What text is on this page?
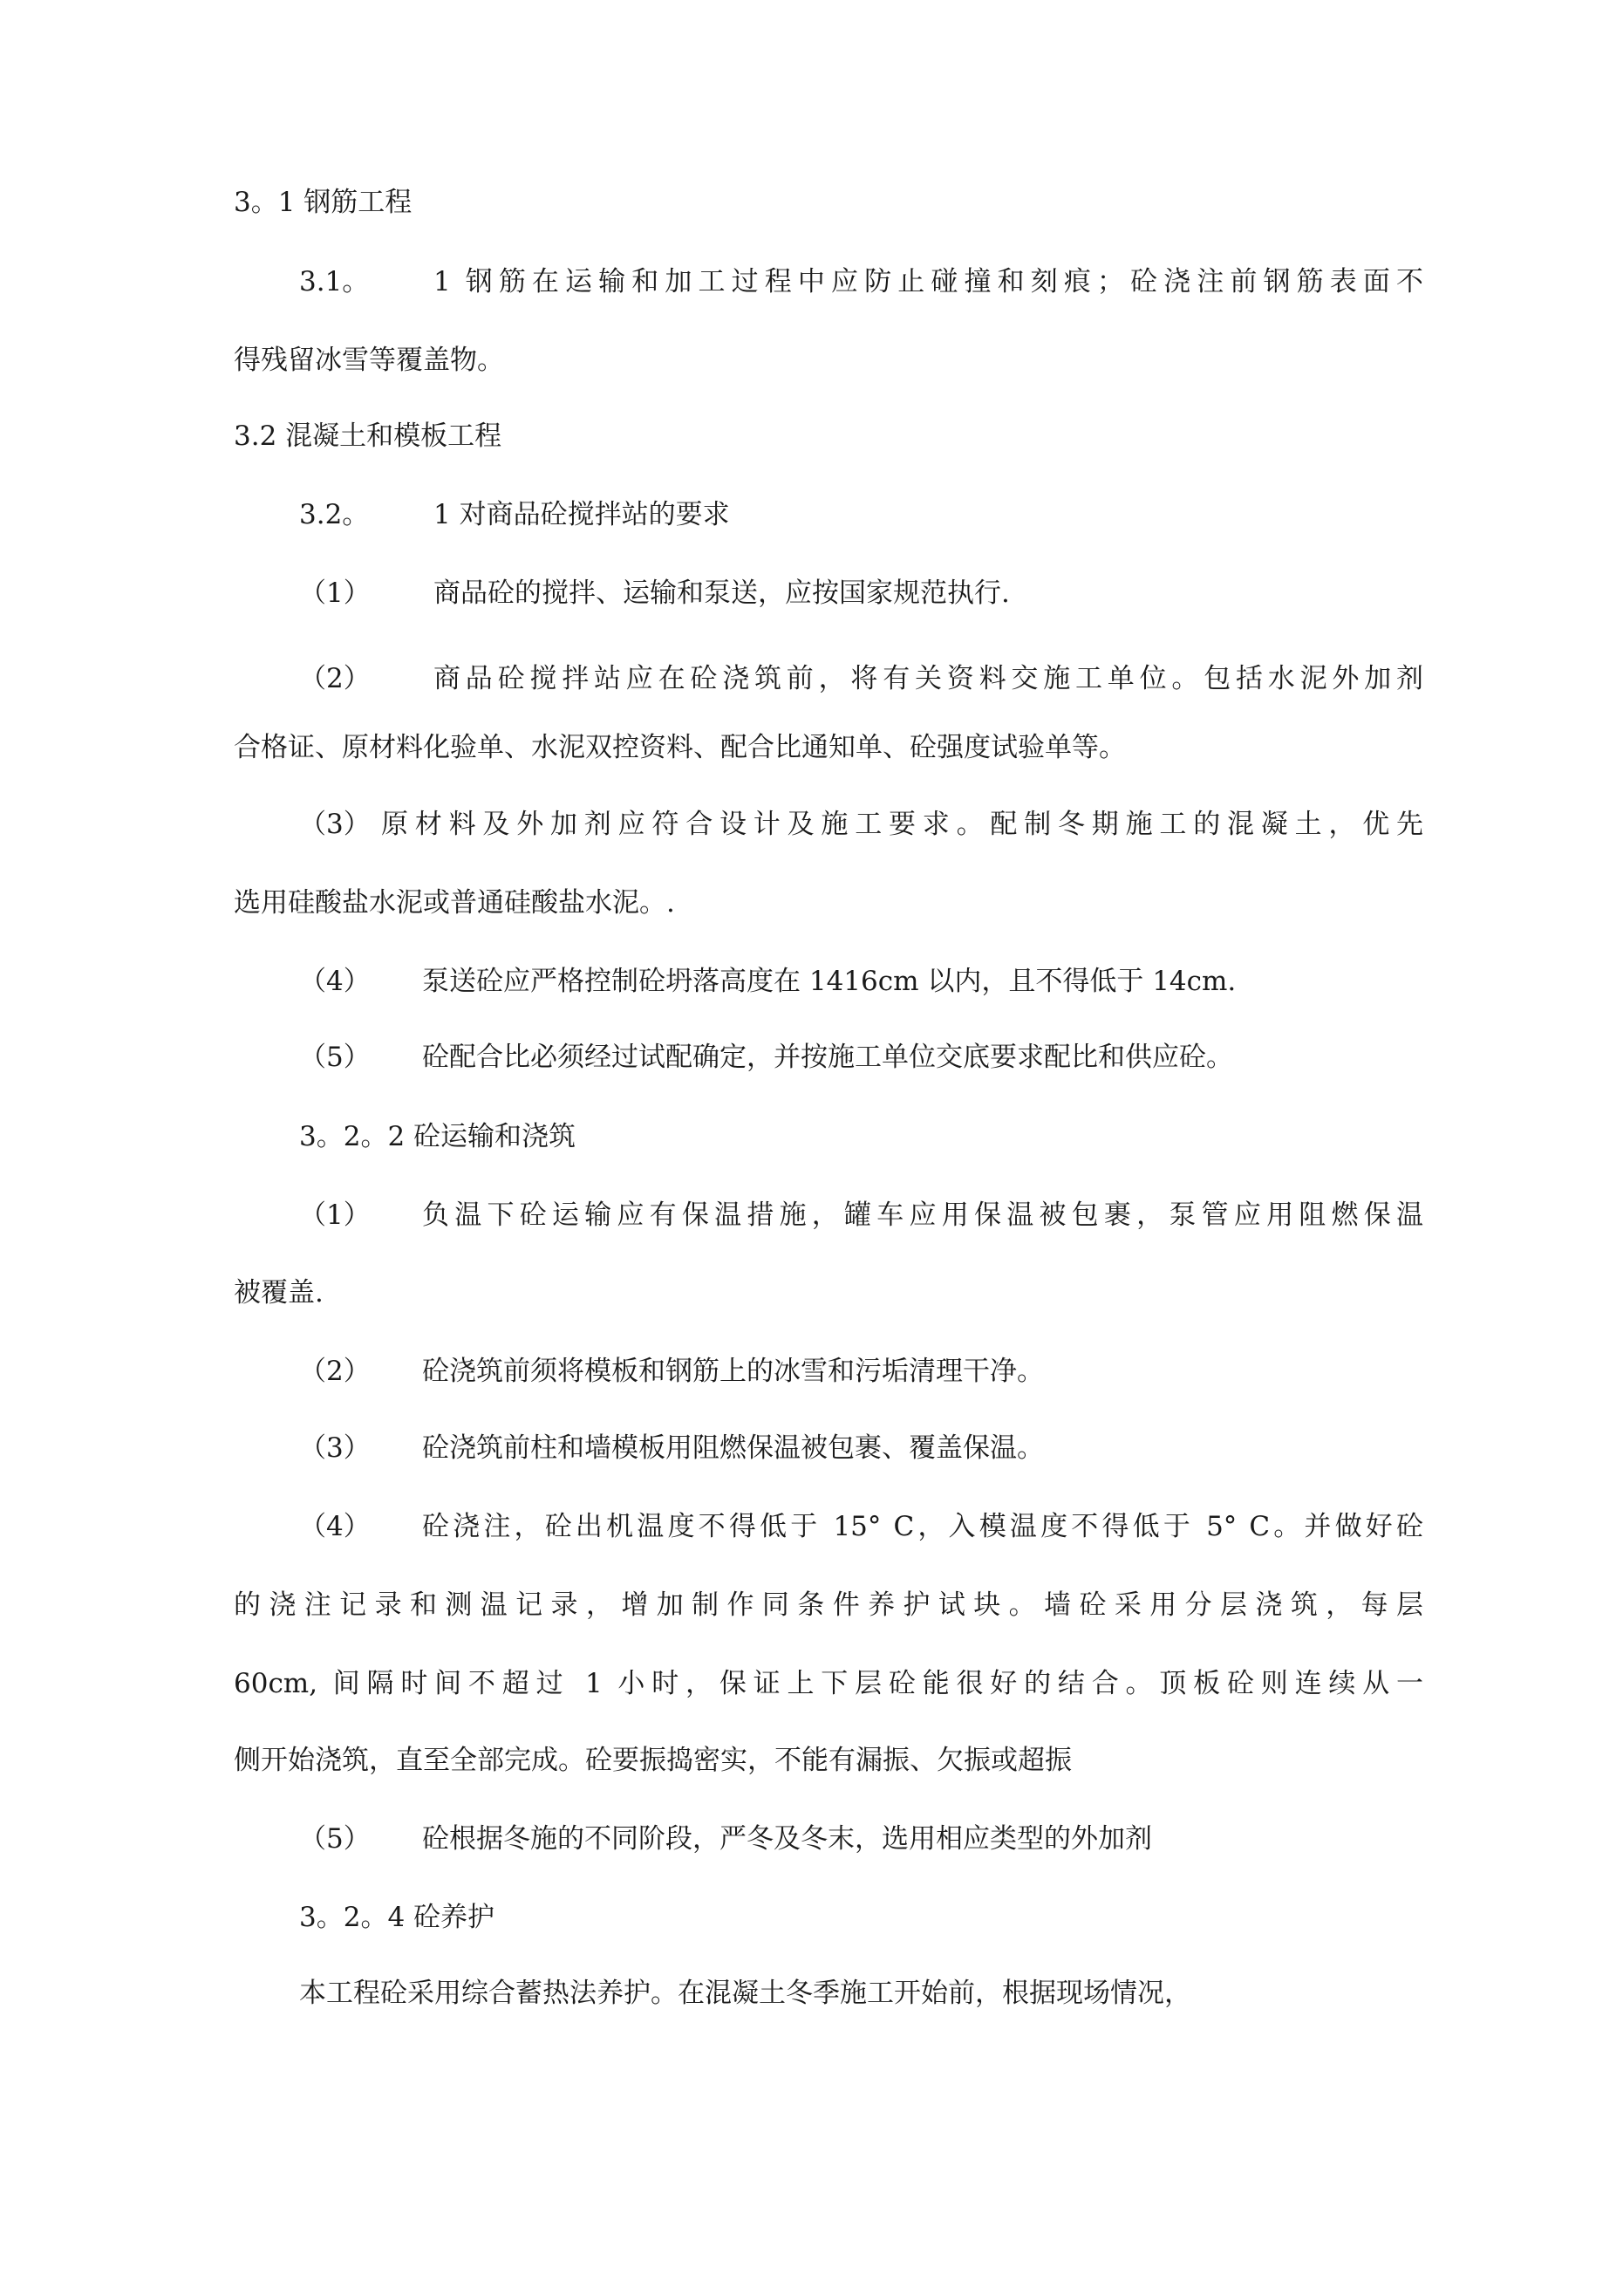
3。1 钢筋工程
3.1。 1 钢筋在运输和加工过程中应防止碰撞和刻痕；砼浇注前钢筋表面不
得残留冰雪等覆盖物。
3.2 混凝土和模板工程
3.2。 1 对商品砼搅拌站的要求
（1） 商品砼的搅拌、运输和泵送，应按国家规范执行.
（2） 商品砼搅拌站应在砼浇筑前，将有关资料交施工单位。包括水泥外加剂
合格证、原材料化验单、水泥双控资料、配合比通知单、砼强度试验单等。
（3） 原材料及外加剂应符合设计及施工要求。配制冬期施工的混凝土，优先
选用硅酸盐水泥或普通硅酸盐水泥。.
（4） 泵送砼应严格控制砼坍落高度在 1416cm 以内，且不得低于 14cm.
（5） 砼配合比必须经过试配确定，并按施工单位交底要求配比和供应砼。
3。2。2 砼运输和浇筑
（1） 负温下砼运输应有保温措施，罐车应用保温被包裹，泵管应用阻燃保温
被覆盖.
（2） 砼浇筑前须将模板和钢筋上的冰雪和污垢清理干净。
（3） 砼浇筑前柱和墙模板用阻燃保温被包裹、覆盖保温。
（4） 砼浇注，砼出机温度不得低于 15° C，入模温度不得低于 5° C。并做好砼
的浇注记录和测温记录，增加制作同条件养护试块。墙砼采用分层浇筑，每层
60cm, 间隔时间不超过 1 小时，保证上下层砼能很好的结合。顶板砼则连续从一
侧开始浇筑，直至全部完成。砼要振捣密实，不能有漏振、欠振或超振
（5） 砼根据冬施的不同阶段，严冬及冬末，选用相应类型的外加剂
3。2。4 砼养护
本工程砼采用综合蓄热法养护。在混凝土冬季施工开始前，根据现场情况，
